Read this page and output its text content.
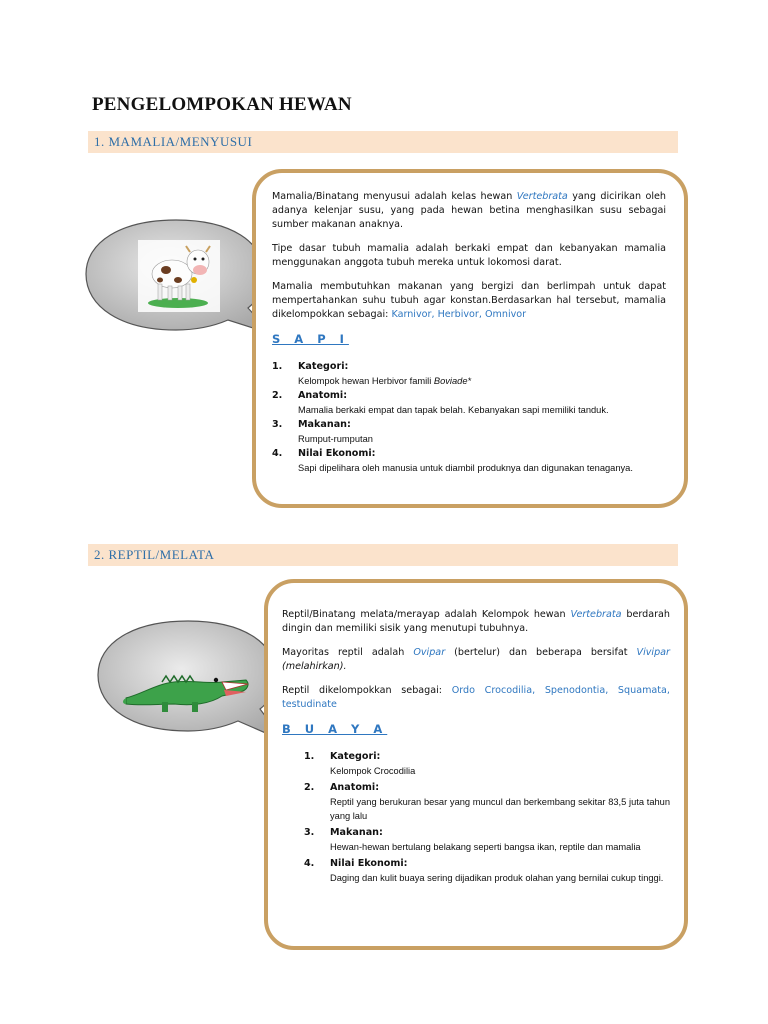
PENGELOMPOKAN HEWAN
1. MAMALIA/MENYUSUI

Mamalia/Binatang menyusui adalah kelas hewan Vertebrata yang dicirikan oleh adanya kelenjar susu, yang pada hewan betina menghasilkan susu sebagai sumber makanan anaknya.

Tipe dasar tubuh mamalia adalah berkaki empat dan kebanyakan mamalia menggunakan anggota tubuh mereka untuk lokomosi darat.

Mamalia membutuhkan makanan yang bergizi dan berlimpah untuk dapat mempertahankan suhu tubuh agar konstan.Berdasarkan hal tersebut, mamalia dikelompokkan sebagai: Karnivor, Herbivor, Omnivor

S A P I
1. Kategori:
Kelompok hewan Herbivor famili Boviade*
2. Anatomi:
Mamalia berkaki empat dan tapak belah. Kebanyakan sapi memiliki tanduk.
3. Makanan:
Rumput-rumputan
4. Nilai Ekonomi:
Sapi dipelihara oleh manusia untuk diambil produknya dan digunakan tenaganya.
2. REPTIL/MELATA

Reptil/Binatang melata/merayap adalah Kelompok hewan Vertebrata berdarah dingin dan memiliki sisik yang menutupi tubuhnya.

Mayoritas reptil adalah Ovipar (bertelur) dan beberapa bersifat Vivipar (melahirkan).

Reptil dikelompokkan sebagai: Ordo Crocodilia, Spenodontia, Squamata, testudinate

B U A Y A
1. Kategori:
Kelompok Crocodilia
2. Anatomi:
Reptil yang berukuran besar yang muncul dan berkembang sekitar 83,5 juta tahun yang lalu
3. Makanan:
Hewan-hewan bertulang belakang seperti bangsa ikan, reptile dan mamalia
4. Nilai Ekonomi:
Daging dan kulit buaya sering dijadikan produk olahan yang bernilai cukup tinggi.
